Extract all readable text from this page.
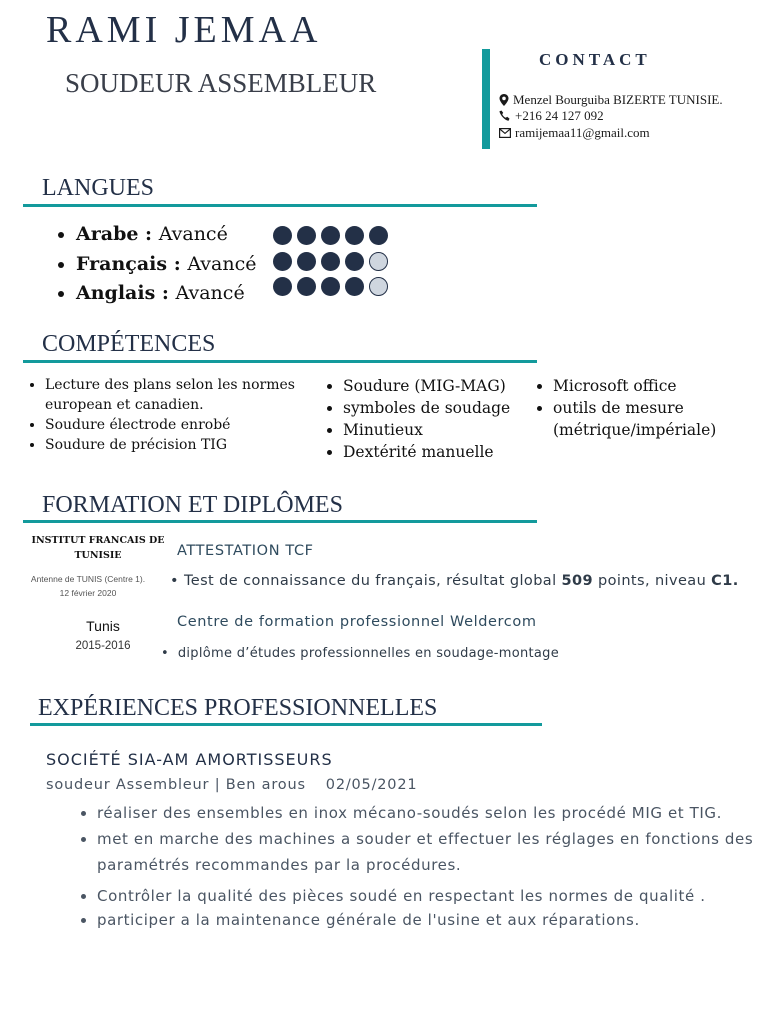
RAMI JEMAA
SOUDEUR ASSEMBLEUR
CONTACT
Menzel Bourguiba BIZERTE TUNISIE.
+216 24 127 092
ramijemaa11@gmail.com
LANGUES
• Arabe : Avancé
• Français : Avancé
• Anglais : Avancé
COMPÉTENCES
• Lecture des plans selon les normes european et canadien.
• Soudure électrode enrobé
• Soudure de précision TIG
• Soudure (MIG-MAG)
• symboles de soudage
• Minutieux
• Dextérité manuelle
• Microsoft office
• outils de mesure (métrique/impériale)
FORMATION ET DIPLÔMES
INSTITUT FRANCAIS DE TUNISIE
Antenne de TUNIS (Centre 1).
12 février 2020
ATTESTATION TCF
• Test de connaissance du français, résultat global 509 points, niveau C1.
Tunis
2015-2016
Centre de formation professionnel Weldercom
•  diplôme d’études professionnelles en soudage-montage
EXPÉRIENCES PROFESSIONNELLES
SOCIÉTÉ SIA-AM AMORTISSEURS
soudeur Assembleur | Ben arous 02/05/2021
• réaliser des ensembles en inox mécano-soudés selon les procédé MIG et TIG.
• met en marche des machines a souder et effectuer les réglages en fonctions des paramétrés recommandes par la procédures.
• Contrôler la qualité des pièces soudé en respectant les normes de qualité .
• participer a la maintenance générale de l'usine et aux réparations.
